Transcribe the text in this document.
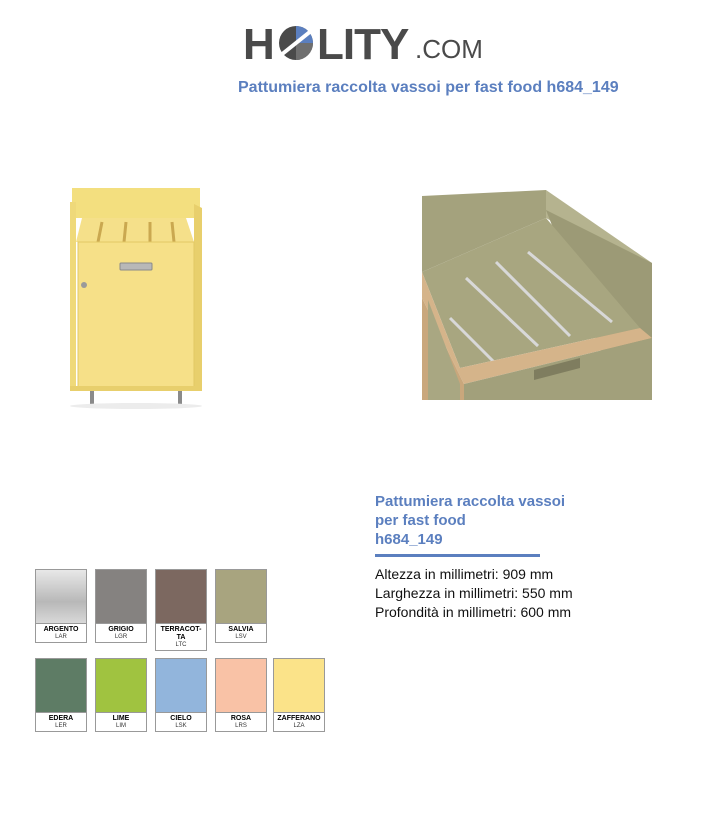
H LITY .COM
Pattumiera raccolta vassoi per fast food h684_149
Pattumiera raccolta vassoi
per fast food
h684_149
Altezza in millimetri: 909 mm
Larghezza in millimetri: 550 mm
Profondità in millimetri: 600 mm
ARGENTO
LAR
GRIGIO
LGR
TERRACOT-
TA
LTC
SALVIA
LSV
EDERA
LER
LIME
LIM
CIELO
LSK
ROSA
LRS
ZAFFERANO
LZA
